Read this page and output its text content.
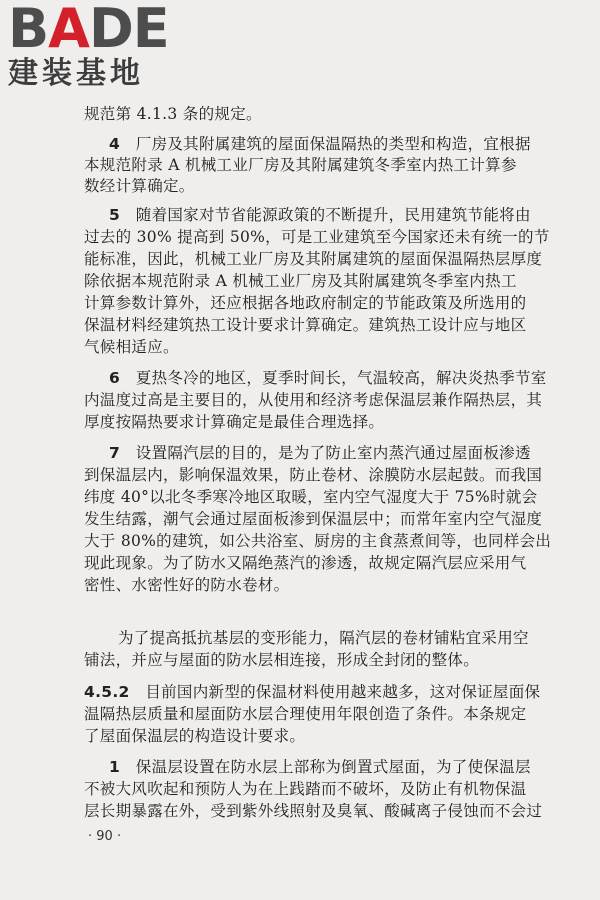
BADE
建装基地
规范第 4.1.3 条的规定。
4 厂房及其附属建筑的屋面保温隔热的类型和构造，宜根据
本规范附录 A 机械工业厂房及其附属建筑冬季室内热工计算参
数经计算确定。
5 随着国家对节省能源政策的不断提升，民用建筑节能将由
过去的 30% 提高到 50%，可是工业建筑至今国家还未有统一的节
能标准，因此，机械工业厂房及其附属建筑的屋面保温隔热层厚度
除依据本规范附录 A 机械工业厂房及其附属建筑冬季室内热工
计算参数计算外，还应根据各地政府制定的节能政策及所选用的
保温材料经建筑热工设计要求计算确定。建筑热工设计应与地区
气候相适应。
6 夏热冬冷的地区，夏季时间长，气温较高，解决炎热季节室
内温度过高是主要目的，从使用和经济考虑保温层兼作隔热层，其
厚度按隔热要求计算确定是最佳合理选择。
7 设置隔汽层的目的，是为了防止室内蒸汽通过屋面板渗透
到保温层内，影响保温效果，防止卷材、涂膜防水层起鼓。而我国
纬度 40°以北冬季寒冷地区取暖，室内空气湿度大于 75%时就会
发生结露，潮气会通过屋面板渗到保温层中；而常年室内空气湿度
大于 80%的建筑，如公共浴室、厨房的主食蒸煮间等，也同样会出
现此现象。为了防水又隔绝蒸汽的渗透，故规定隔汽层应采用气
密性、水密性好的防水卷材。
为了提高抵抗基层的变形能力，隔汽层的卷材铺粘宜采用空
铺法，并应与屋面的防水层相连接，形成全封闭的整体。
4.5.2 目前国内新型的保温材料使用越来越多，这对保证屋面保
温隔热层质量和屋面防水层合理使用年限创造了条件。本条规定
了屋面保温层的构造设计要求。
1 保温层设置在防水层上部称为倒置式屋面，为了使保温层
不被大风吹起和预防人为在上践踏而不破坏，及防止有机物保温
层长期暴露在外，受到紫外线照射及臭氧、酸碱离子侵蚀而不会过
· 90 ·
